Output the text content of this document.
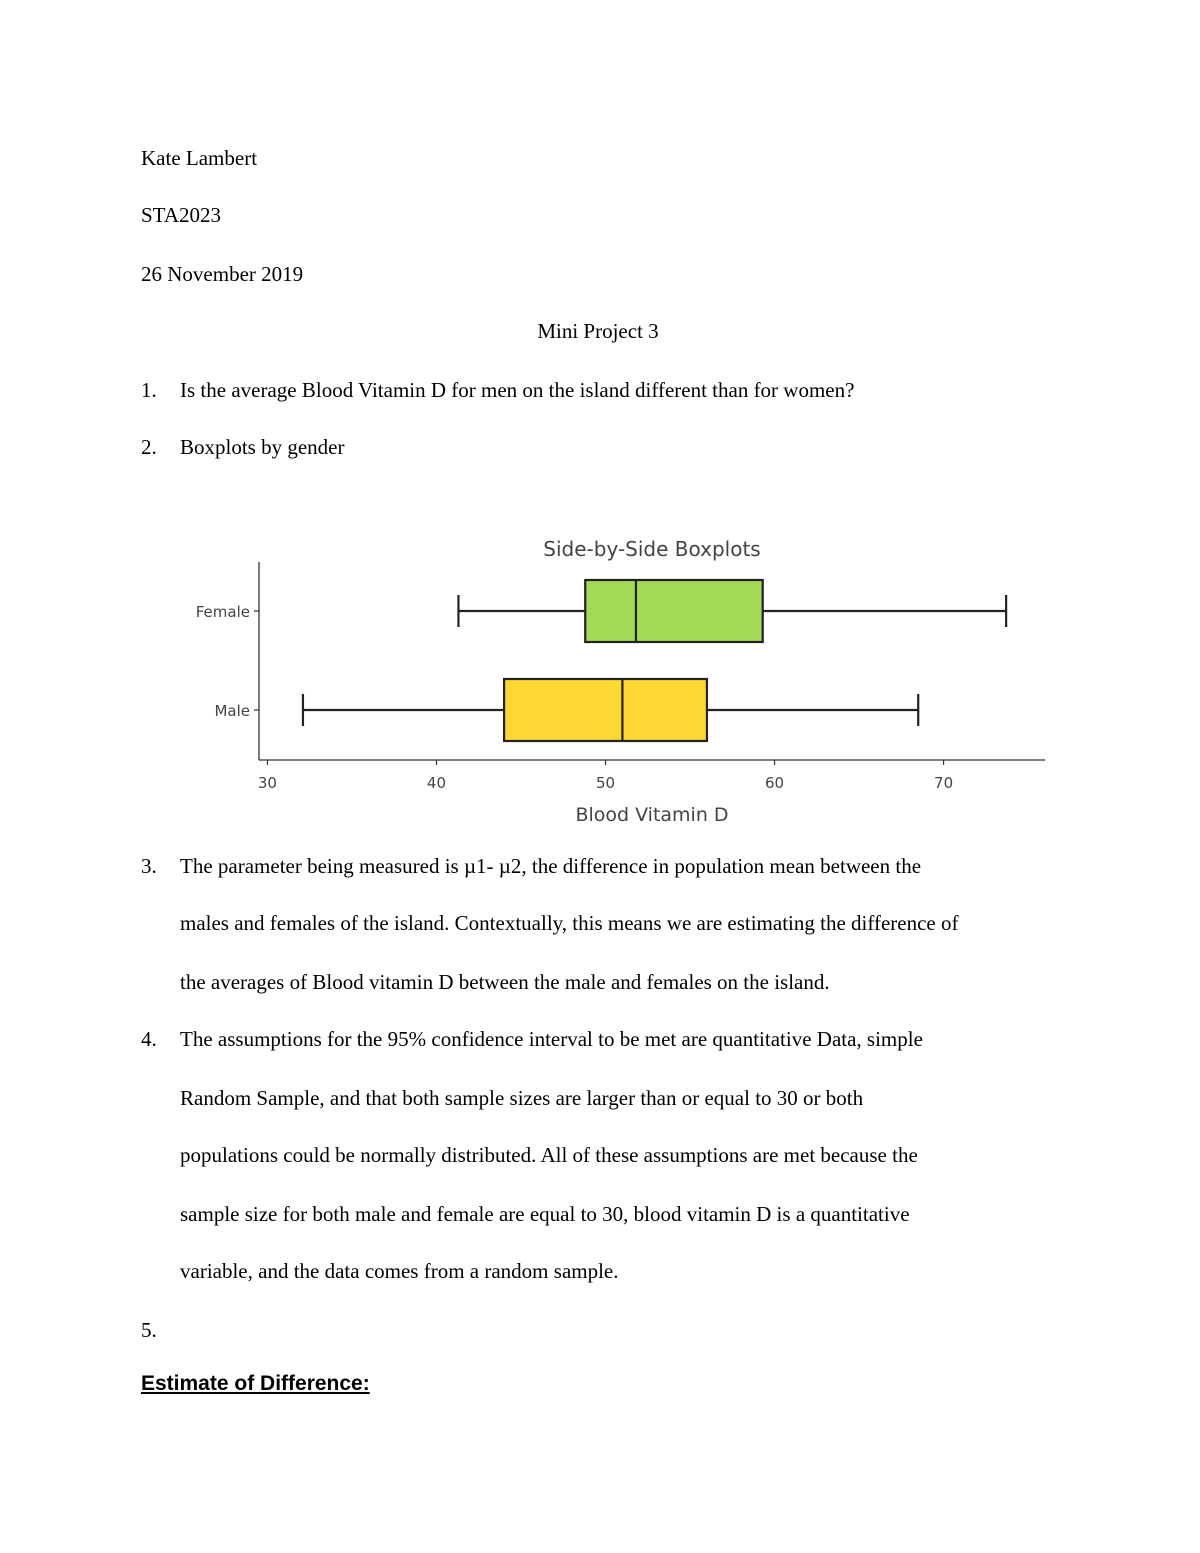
Kate Lambert
STA2023
26 November 2019
Mini Project 3
1. Is the average Blood Vitamin D for men on the island different than for women?
2. Boxplots by gender
Side-by-Side Boxplots
30	40	50	60	70
Female
Male
Blood Vitamin D
3. The parameter being measured is µ1- µ2, the difference in population mean between the
males and females of the island. Contextually, this means we are estimating the difference of
the averages of Blood vitamin D between the male and females on the island.
4. The assumptions for the 95% confidence interval to be met are quantitative Data, simple
Random Sample, and that both sample sizes are larger than or equal to 30 or both
populations could be normally distributed. All of these assumptions are met because the
sample size for both male and female are equal to 30, blood vitamin D is a quantitative
variable, and the data comes from a random sample.
5.
Estimate of Difference:
